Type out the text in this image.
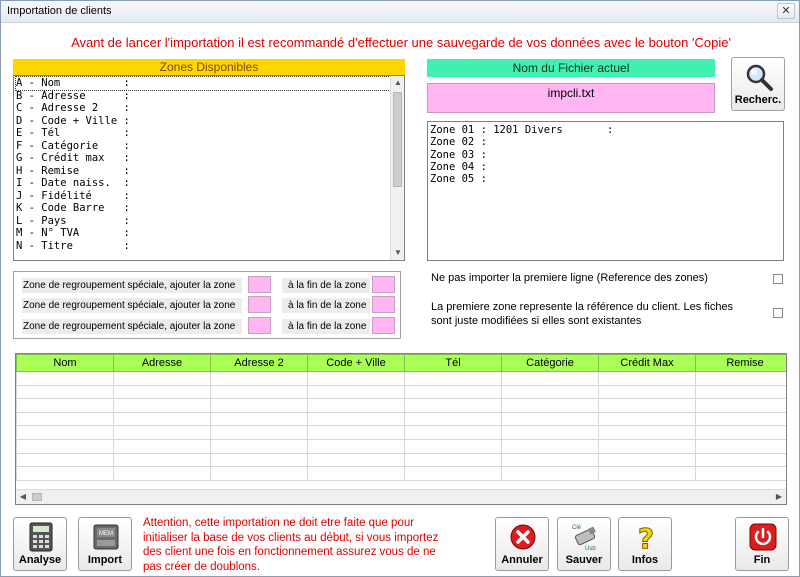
Importation de clients	✕
Avant de lancer l'importation il est recommandé d'effectuer une sauvegarde de vos données avec le bouton 'Copie'
Zones Disponibles
A - Nom          :
B - Adresse      :
C - Adresse 2    :
D - Code + Ville :
E - Tél          :
F - Catégorie    :
G - Crédit max   :
H - Remise       :
I - Date naiss.  :
J - Fidélité     :
K - Code Barre   :
L - Pays         :
M - N° TVA       :
N - Titre        :
▲
▼
Zone de regroupement spéciale, ajouter la zone	à la fin de la zone
Zone de regroupement spéciale, ajouter la zone	à la fin de la zone
Zone de regroupement spéciale, ajouter la zone	à la fin de la zone
Nom du Fichier actuel
impcli.txt	Recherc.
Zone 01 : 1201 Divers       :
Zone 02 :
Zone 03 :
Zone 04 :
Zone 05 :
Ne pas importer la premiere ligne (Reference des zones)
La premiere zone represente la référence du client. Les fiches
sont juste modifiées si elles sont existantes
Nom	Adresse	Adresse 2	Code + Ville	Tél	Catégorie	Crédit Max	Remise

◀	▶
Analyse
MEM
Import
Attention, cette importation ne doit etre faite que pour initialiser la base de vos clients au début, si vous importez des client une fois en fonctionnement assurez vous de ne pas créer de doublons.
Annuler
Clé
Usb
Sauver
?
Infos	Fin
